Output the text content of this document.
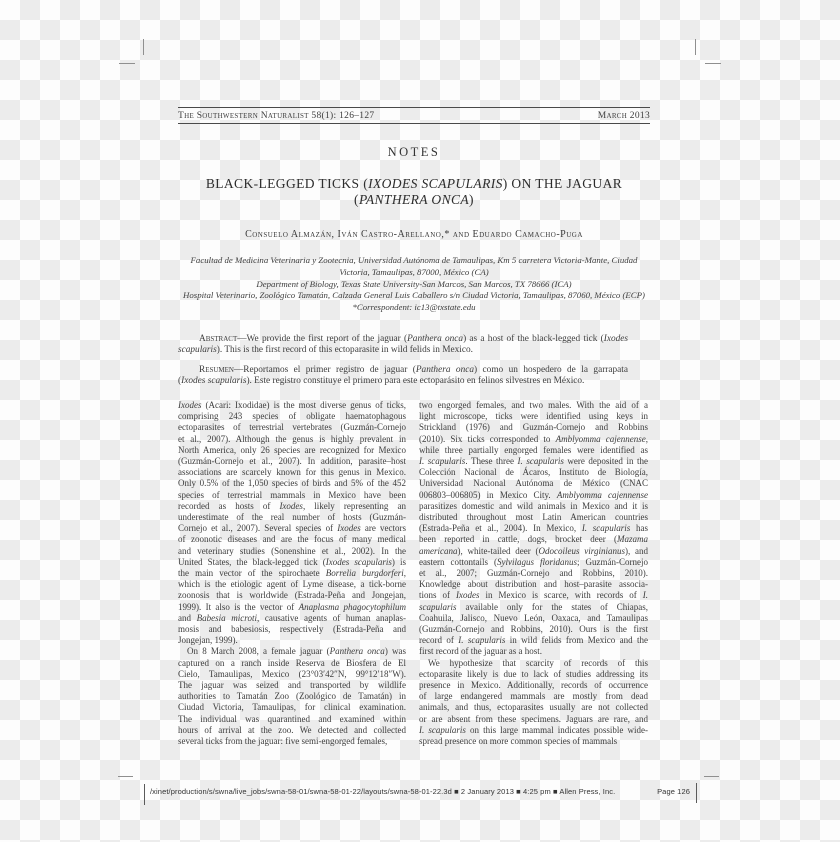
The Southwestern Naturalist 58(1): 126–127	March 2013
NOTES
BLACK-LEGGED TICKS (IXODES SCAPULARIS) ON THE JAGUAR
(PANTHERA ONCA)
Consuelo Almazán, Iván Castro-Arellano,* and Eduardo Camacho-Puga
Facultad de Medicina Veterinaria y Zootecnia, Universidad Autónoma de Tamaulipas, Km 5 carretera Victoria-Mante, Ciudad
Victoria, Tamaulipas, 87000, México (CA)
Department of Biology, Texas State University-San Marcos, San Marcos, TX 78666 (ICA)
Hospital Veterinario, Zoológico Tamatán, Calzada General Luis Caballero s/n Ciudad Victoria, Tamaulipas, 87060, México (ECP)
*Correspondent: ic13@txstate.edu
Abstract—We provide the first report of the jaguar (Panthera onca) as a host of the black-legged tick (Ixodes
scapularis). This is the first record of this ectoparasite in wild felids in Mexico.
Resumen—Reportamos el primer registro de jaguar (Panthera onca) como un hospedero de la garrapata
(Ixodes scapularis). Este registro constituye el primero para este ectoparásito en felinos silvestres en México.
Ixodes (Acari: Ixodidae) is the most diverse genus of ticks,
comprising 243 species of obligate haematophagous
ectoparasites of terrestrial vertebrates (Guzmán-Cornejo
et al., 2007). Although the genus is highly prevalent in
North America, only 26 species are recognized for Mexico
(Guzmán-Cornejo et al., 2007). In addition, parasite–host
associations are scarcely known for this genus in Mexico.
Only 0.5% of the 1,050 species of birds and 5% of the 452
species of terrestrial mammals in Mexico have been
recorded as hosts of Ixodes, likely representing an
underestimate of the real number of hosts (Guzmán-
Cornejo et al., 2007). Several species of Ixodes are vectors
of zoonotic diseases and are the focus of many medical
and veterinary studies (Sonenshine et al., 2002). In the
United States, the black-legged tick (Ixodes scapularis) is
the main vector of the spirochaete Borrelia burgdorferi,
which is the etiologic agent of Lyme disease, a tick-borne
zoonosis that is worldwide (Estrada-Peña and Jongejan,
1999). It also is the vector of Anaplasma phagocytophilum
and Babesia microti, causative agents of human anaplas-
mosis and babesiosis, respectively (Estrada-Peña and
Jongejan, 1999).
On 8 March 2008, a female jaguar (Panthera onca) was
captured on a ranch inside Reserva de Biosfera de El
Cielo, Tamaulipas, Mexico (23°03′42″N, 99°12′18″W).
The jaguar was seized and transported by wildlife
authorities to Tamatán Zoo (Zoológico de Tamatán) in
Ciudad Victoria, Tamaulipas, for clinical examination.
The individual was quarantined and examined within
hours of arrival at the zoo. We detected and collected
several ticks from the jaguar: five semi-engorged females,
two engorged females, and two males. With the aid of a
light microscope, ticks were identified using keys in
Strickland (1976) and Guzmán-Cornejo and Robbins
(2010). Six ticks corresponded to Amblyomma cajennense,
while three partially engorged females were identified as
I. scapularis. These three I. scapularis were deposited in the
Colección Nacional de Ácaros, Instituto de Biología,
Universidad Nacional Autónoma de México (CNAC
006803–006805) in Mexico City. Amblyomma cajennense
parasitizes domestic and wild animals in Mexico and it is
distributed throughout most Latin American countries
(Estrada-Peña et al., 2004). In Mexico, I. scapularis has
been reported in cattle, dogs, brocket deer (Mazama
americana), white-tailed deer (Odocoileus virginianus), and
eastern cottontails (Sylvilagus floridanus; Guzmán-Cornejo
et al., 2007; Guzmán-Cornejo and Robbins, 2010).
Knowledge about distribution and host–parasite associa-
tions of Ixodes in Mexico is scarce, with records of I.
scapularis available only for the states of Chiapas,
Coahuila, Jalisco, Nuevo León, Oaxaca, and Tamaulipas
(Guzmán-Cornejo and Robbins, 2010). Ours is the first
record of I. scapularis in wild felids from Mexico and the
first record of the jaguar as a host.
We hypothesize that scarcity of records of this
ectoparasite likely is due to lack of studies addressing its
presence in Mexico. Additionally, records of occurrence
of large endangered mammals are mostly from dead
animals, and thus, ectoparasites usually are not collected
or are absent from these specimens. Jaguars are rare, and
I. scapularis on this large mammal indicates possible wide-
spread presence on more common species of mammals
/xinet/production/s/swna/live_jobs/swna-58-01/swna-58-01-22/layouts/swna-58-01-22.3d ■ 2 January 2013 ■ 4:25 pm ■ Allen Press, Inc.	Page 126
